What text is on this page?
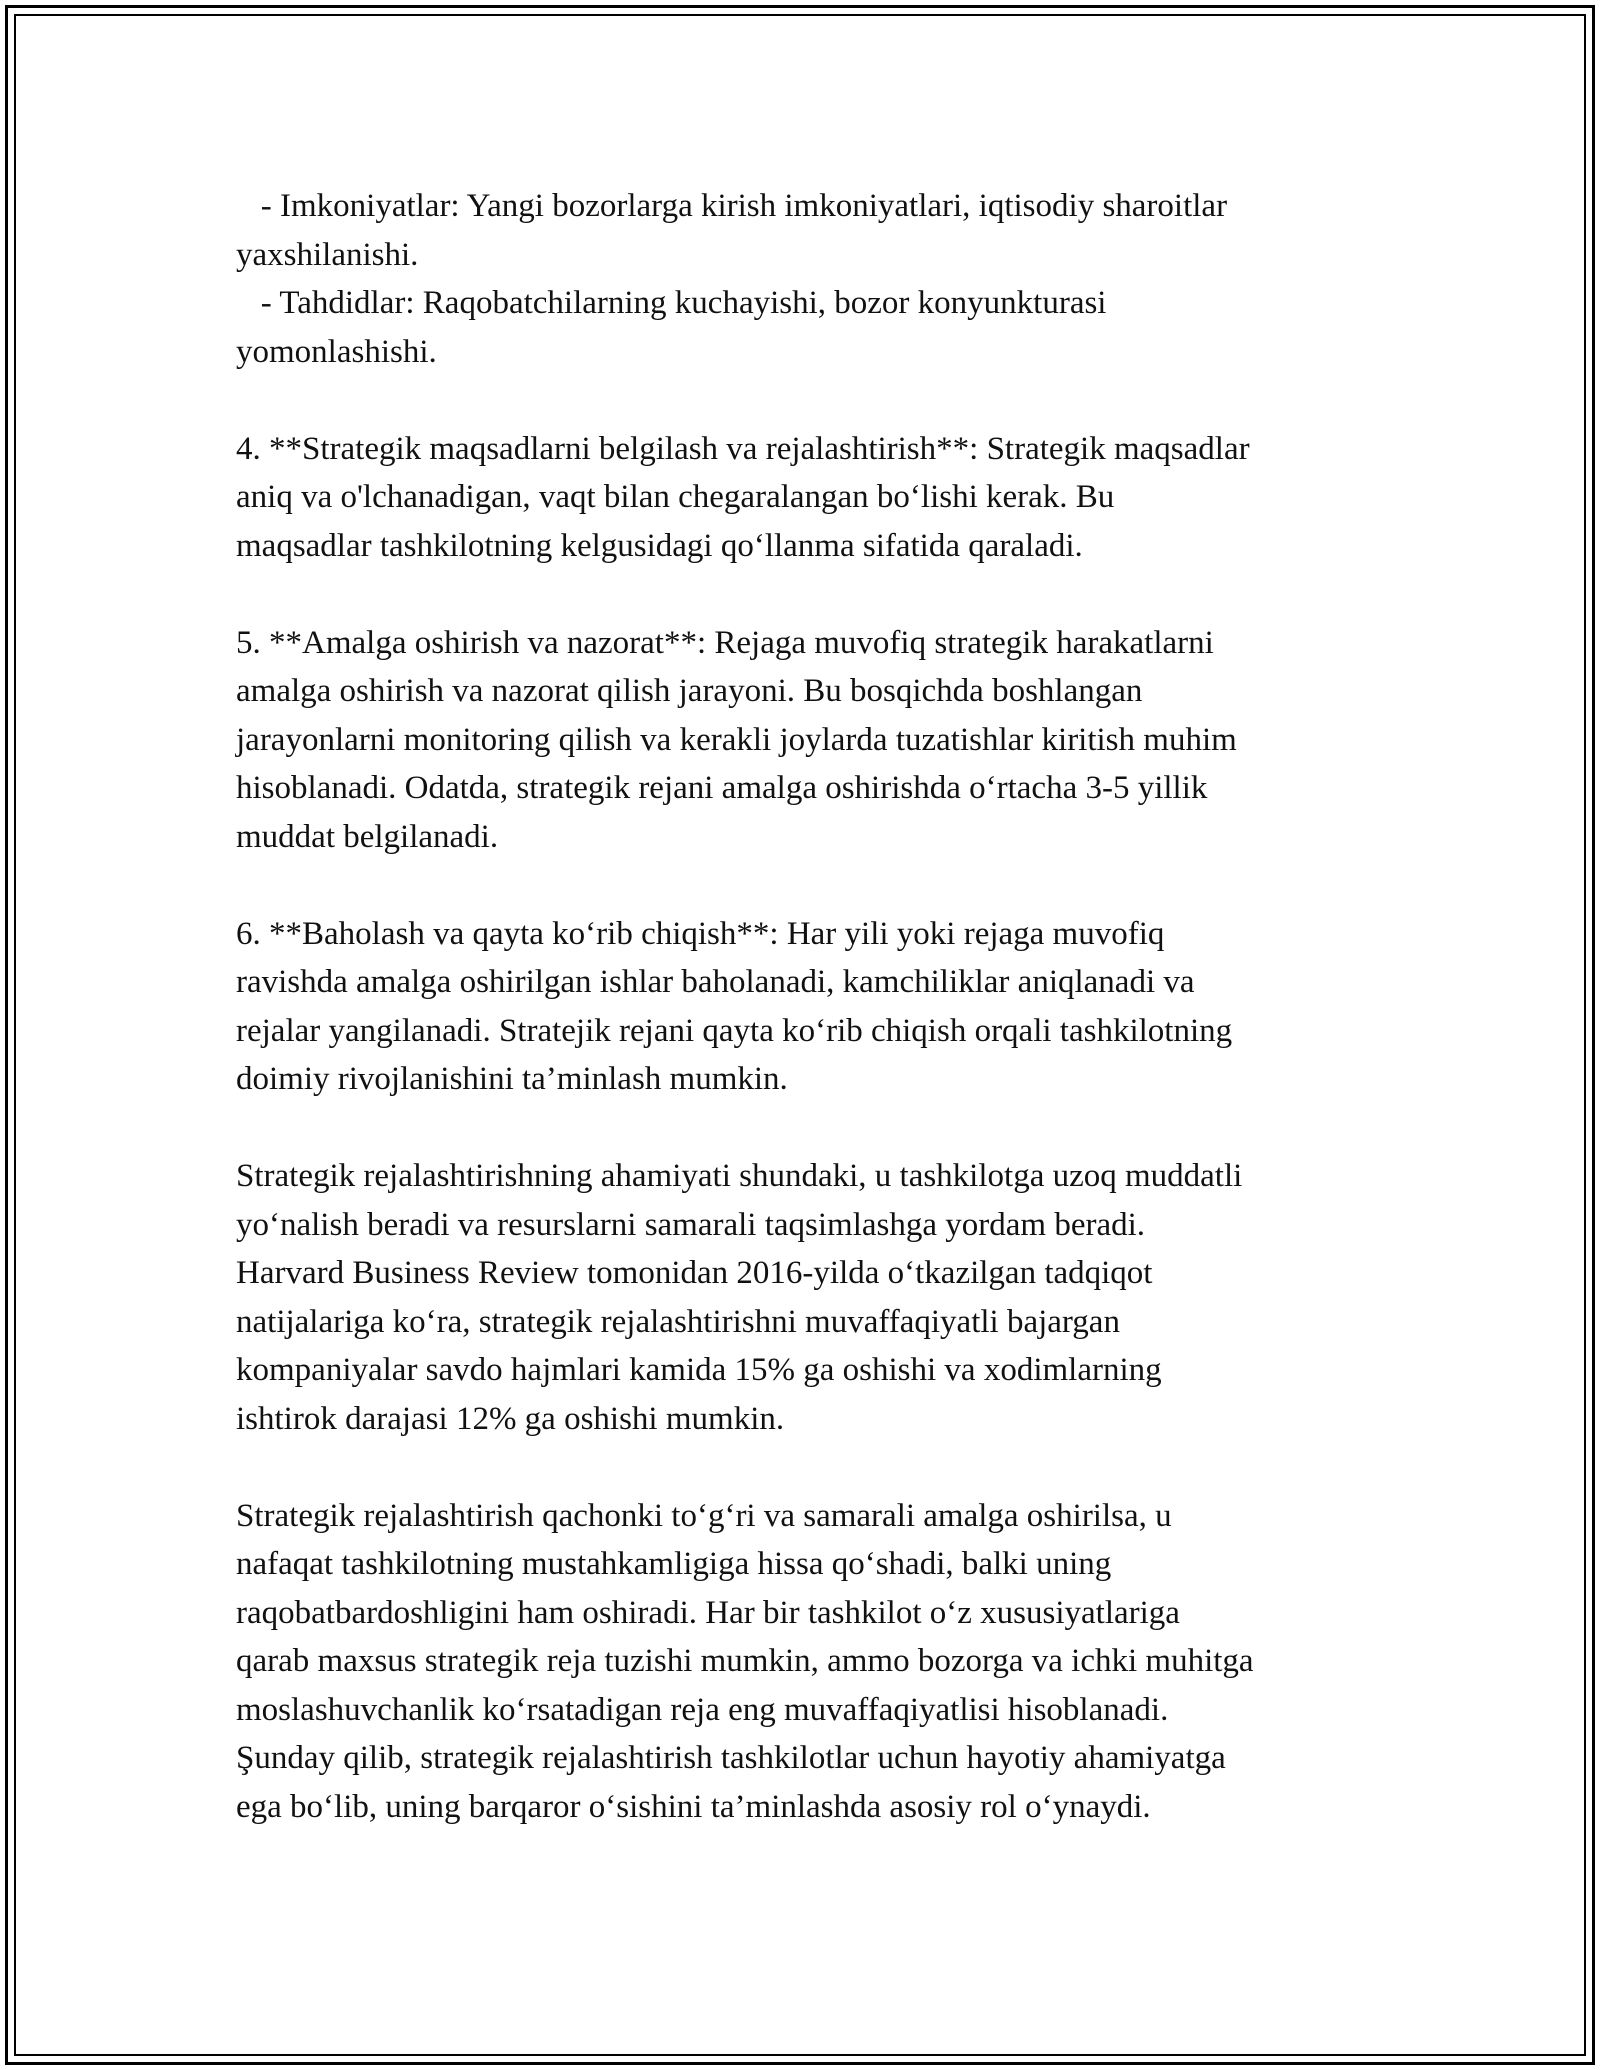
- Imkoniyatlar: Yangi bozorlarga kirish imkoniyatlari, iqtisodiy sharoitlar

yaxshilanishi.

- Tahdidlar: Raqobatchilarning kuchayishi, bozor konyunkturasi

yomonlashishi.

4. **Strategik maqsadlarni belgilash va rejalashtirish**: Strategik maqsadlar

aniq va o'lchanadigan, vaqt bilan chegaralangan bo‘lishi kerak. Bu

maqsadlar tashkilotning kelgusidagi qo‘llanma sifatida qaraladi.

5. **Amalga oshirish va nazorat**: Rejaga muvofiq strategik harakatlarni

amalga oshirish va nazorat qilish jarayoni. Bu bosqichda boshlangan

jarayonlarni monitoring qilish va kerakli joylarda tuzatishlar kiritish muhim

hisoblanadi. Odatda, strategik rejani amalga oshirishda o‘rtacha 3-5 yillik

muddat belgilanadi.

6. **Baholash va qayta ko‘rib chiqish**: Har yili yoki rejaga muvofiq

ravishda amalga oshirilgan ishlar baholanadi, kamchiliklar aniqlanadi va

rejalar yangilanadi. Stratejik rejani qayta ko‘rib chiqish orqali tashkilotning

doimiy rivojlanishini ta’minlash mumkin.

Strategik rejalashtirishning ahamiyati shundaki, u tashkilotga uzoq muddatli

yo‘nalish beradi va resurslarni samarali taqsimlashga yordam beradi.

Harvard Business Review tomonidan 2016-yilda o‘tkazilgan tadqiqot

natijalariga ko‘ra, strategik rejalashtirishni muvaffaqiyatli bajargan

kompaniyalar savdo hajmlari kamida 15% ga oshishi va xodimlarning

ishtirok darajasi 12% ga oshishi mumkin.

Strategik rejalashtirish qachonki to‘g‘ri va samarali amalga oshirilsa, u

nafaqat tashkilotning mustahkamligiga hissa qo‘shadi, balki uning

raqobatbardoshligini ham oshiradi. Har bir tashkilot o‘z xususiyatlariga

qarab maxsus strategik reja tuzishi mumkin, ammo bozorga va ichki muhitga

moslashuvchanlik ko‘rsatadigan reja eng muvaffaqiyatlisi hisoblanadi.

Şunday qilib, strategik rejalashtirish tashkilotlar uchun hayotiy ahamiyatga

ega bo‘lib, uning barqaror o‘sishini ta’minlashda asosiy rol o‘ynaydi.
